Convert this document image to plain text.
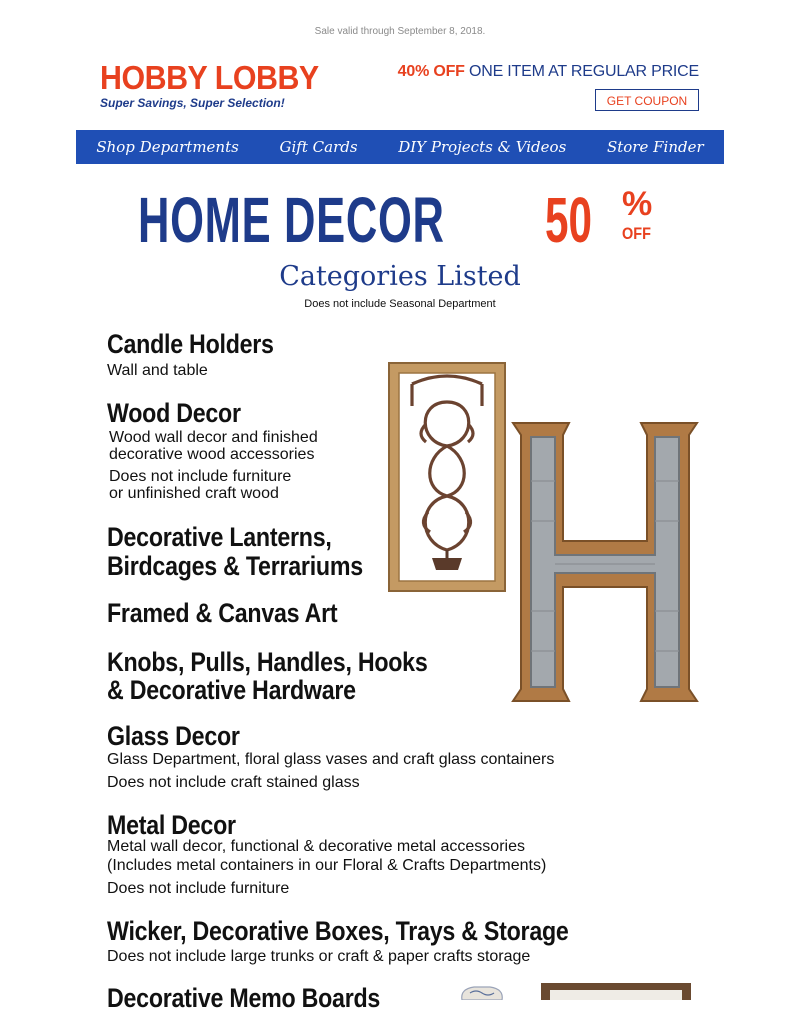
Sale valid through September 8, 2018.
HOBBY LOBBY
Super Savings, Super Selection!
40% OFF ONE ITEM AT REGULAR PRICE
GET COUPON
Shop Departments	Gift Cards	DIY Projects & Videos	Store Finder
HOME DECOR 50 %
OFF
Categories Listed
Does not include Seasonal Department
Candle Holders
Wall and table
Wood Decor
Wood wall decor and finished
decorative wood accessories
Does not include furniture
or unfinished craft wood
Decorative Lanterns,
Birdcages & Terrariums
Framed & Canvas Art
Knobs, Pulls, Handles, Hooks
& Decorative Hardware
Glass Decor
Glass Department, floral glass vases and craft glass containers
Does not include craft stained glass
Metal Decor
Metal wall decor, functional & decorative metal accessories
(Includes metal containers in our Floral & Crafts Departments)
Does not include furniture
Wicker, Decorative Boxes, Trays & Storage
Does not include large trunks or craft & paper crafts storage
Decorative Memo Boards
